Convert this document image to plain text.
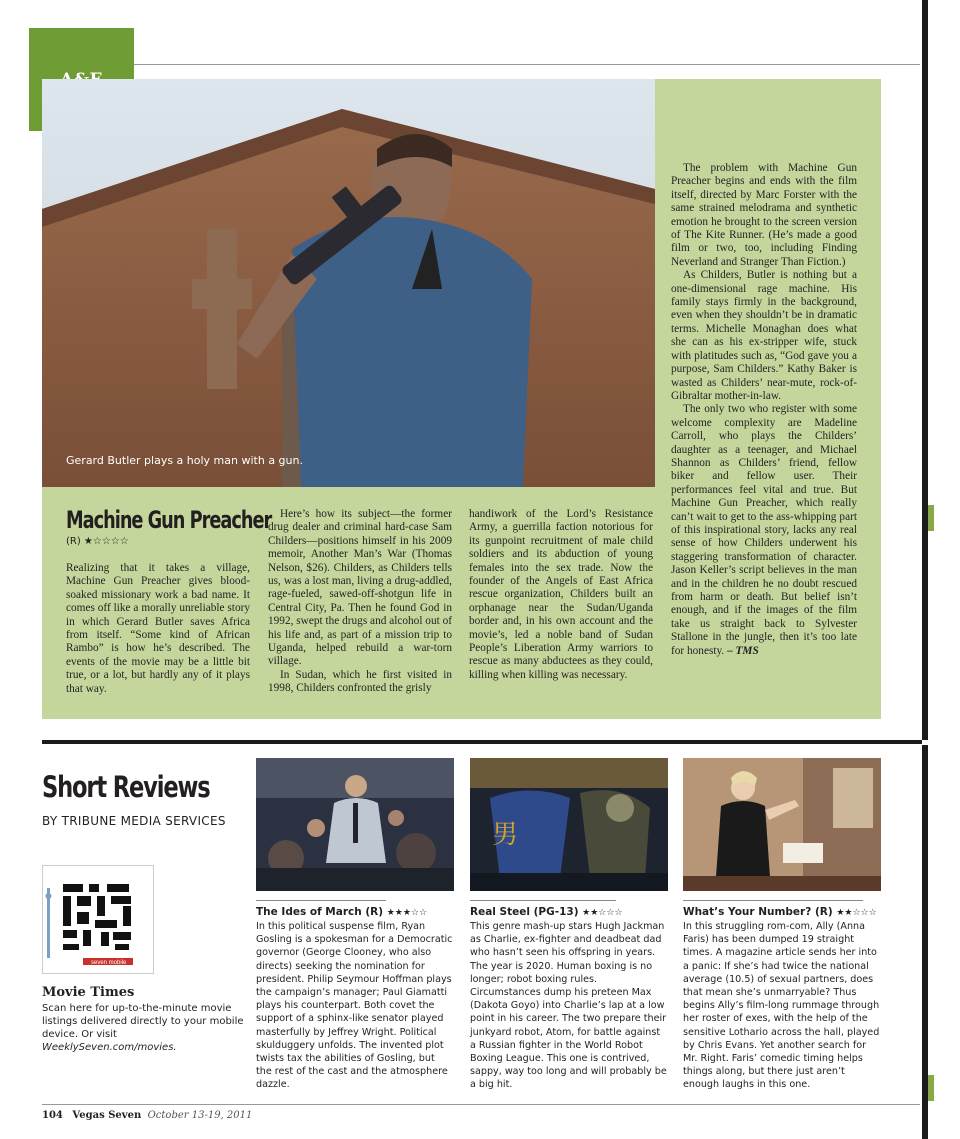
Gerard Butler plays a holy man with a gun.
Machine Gun Preacher
(R) ★☆☆☆☆

Realizing that it takes a village, Machine Gun Preacher gives blood-soaked missionary work a bad name. It comes off like a morally unreliable story in which Gerard Butler saves Africa from itself. “Some kind of African Rambo” is how he’s described. The events of the movie may be a little bit true, or a lot, but hardly any of it plays that way.

Here’s how its subject—the former drug dealer and criminal hard-case Sam Childers—positions himself in his 2009 memoir, Another Man’s War (Thomas Nelson, $26). Childers, as Childers tells us, was a lost man, living a drug-addled, rage-fueled, sawed-off-shotgun life in Central City, Pa. Then he found God in 1992, swept the drugs and alcohol out of his life and, as part of a mission trip to Uganda, helped rebuild a war-torn village.

In Sudan, which he first visited in 1998, Childers confronted the grisly

handiwork of the Lord’s Resistance Army, a guerrilla faction notorious for its gunpoint recruitment of male child soldiers and its abduction of young females into the sex trade. Now the founder of the Angels of East Africa rescue organization, Childers built an orphanage near the Sudan/Uganda border and, in his own account and the movie’s, led a noble band of Sudan People’s Liberation Army warriors to rescue as many abductees as they could, killing when killing was necessary.

The problem with Machine Gun Preacher begins and ends with the film itself, directed by Marc Forster with the same strained melodrama and synthetic emotion he brought to the screen version of The Kite Runner. (He’s made a good film or two, too, including Finding Neverland and Stranger Than Fiction.)

As Childers, Butler is nothing but a one-dimensional rage machine. His family stays firmly in the background, even when they shouldn’t be in dramatic terms. Michelle Monaghan does what she can as his ex-stripper wife, stuck with platitudes such as, “God gave you a purpose, Sam Childers.” Kathy Baker is wasted as Childers’ near-mute, rock-of-Gibraltar mother-in-law.

The only two who register with some welcome complexity are Madeline Carroll, who plays the Childers’ daughter as a teenager, and Michael Shannon as Childers’ friend, fellow biker and fellow user. Their performances feel vital and true. But Machine Gun Preacher, which really can’t wait to get to the ass-whipping part of this inspirational story, lacks any real sense of how Childers underwent his staggering transformation of character. Jason Keller’s script believes in the man and in the children he no doubt rescued from harm or death. But belief isn’t enough, and if the images of the film take us straight back to Sylvester Stallone in the jungle, then it’s too late for honesty. – TMS

Short Reviews
BY TRIBUNE MEDIA SERVICES
seven mobile
Movie Times
Scan here for up-to-the-minute movie listings delivered directly to your mobile device. Or visit WeeklySeven.com/movies.
男
The Ides of March (R) ★★★☆☆
In this political suspense film, Ryan Gosling is a spokesman for a Democratic governor (George Clooney, who also directs) seeking the nomination for president. Philip Seymour Hoffman plays the campaign’s manager; Paul Giamatti plays his counterpart. Both covet the support of a sphinx-like senator played masterfully by Jeffrey Wright. Political skulduggery unfolds. The invented plot twists tax the abilities of Gosling, but the rest of the cast and the atmosphere dazzle.
Real Steel (PG-13) ★★☆☆☆
This genre mash-up stars Hugh Jackman as Charlie, ex-fighter and deadbeat dad who hasn’t seen his offspring in years. The year is 2020. Human boxing is no longer; robot boxing rules. Circumstances dump his preteen Max (Dakota Goyo) into Charlie’s lap at a low point in his career. The two prepare their junkyard robot, Atom, for battle against a Russian fighter in the World Robot Boxing League. This one is contrived, sappy, way too long and will probably be a big hit.
What’s Your Number? (R) ★★☆☆☆
In this struggling rom-com, Ally (Anna Faris) has been dumped 19 straight times. A magazine article sends her into a panic: If she’s had twice the national average (10.5) of sexual partners, does that mean she’s unmarryable? Thus begins Ally’s film-long rummage through her roster of exes, with the help of the sensitive Lothario across the hall, played by Chris Evans. Yet another search for Mr. Right. Faris’ comedic timing helps things along, but there just aren’t enough laughs in this one.
104 Vegas Seven October 13-19, 2011
